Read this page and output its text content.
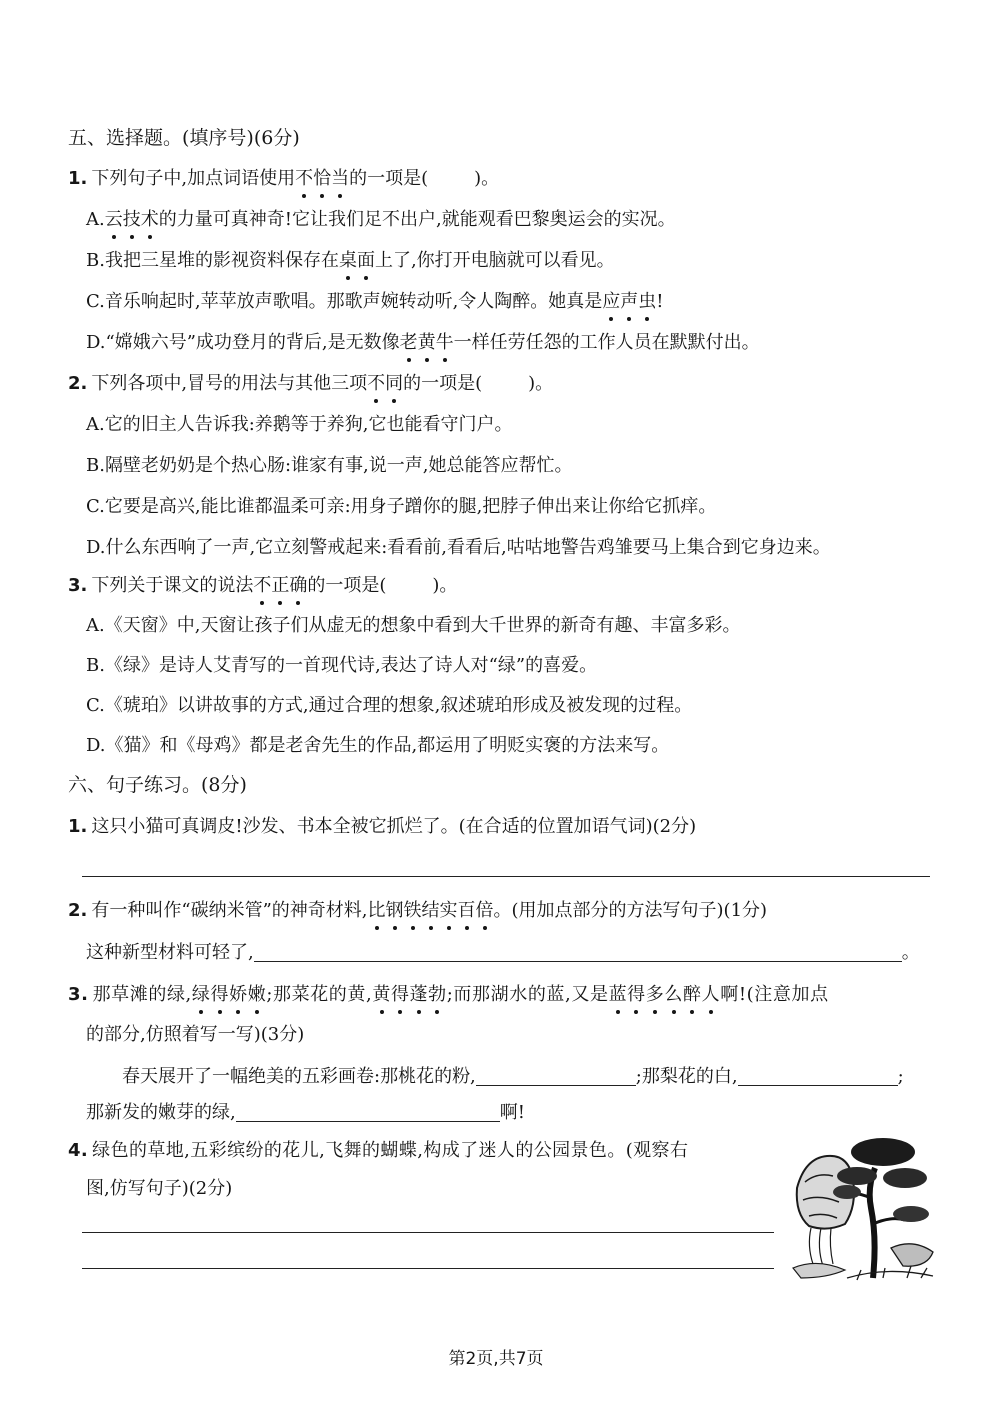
五、选择题。(填序号)(6分)
1. 下列句子中,加点词语使用不恰当的一项是(	)。
A.云技术的力量可真神奇!它让我们足不出户,就能观看巴黎奥运会的实况。
B.我把三星堆的影视资料保存在桌面上了,你打开电脑就可以看见。
C.音乐响起时,苹苹放声歌唱。那歌声婉转动听,令人陶醉。她真是应声虫!
D.“嫦娥六号”成功登月的背后,是无数像老黄牛一样任劳任怨的工作人员在默默付出。
2. 下列各项中,冒号的用法与其他三项不同的一项是(	)。
A.它的旧主人告诉我:养鹅等于养狗,它也能看守门户。
B.隔壁老奶奶是个热心肠:谁家有事,说一声,她总能答应帮忙。
C.它要是高兴,能比谁都温柔可亲:用身子蹭你的腿,把脖子伸出来让你给它抓痒。
D.什么东西响了一声,它立刻警戒起来:看看前,看看后,咕咕地警告鸡雏要马上集合到它身边来。
3. 下列关于课文的说法不正确的一项是(	)。
A.《天窗》中,天窗让孩子们从虚无的想象中看到大千世界的新奇有趣、丰富多彩。
B.《绿》是诗人艾青写的一首现代诗,表达了诗人对“绿”的喜爱。
C.《琥珀》以讲故事的方式,通过合理的想象,叙述琥珀形成及被发现的过程。
D.《猫》和《母鸡》都是老舍先生的作品,都运用了明贬实褒的方法来写。
六、句子练习。(8分)
1. 这只小猫可真调皮!沙发、书本全被它抓烂了。(在合适的位置加语气词)(2分)
2. 有一种叫作“碳纳米管”的神奇材料,比钢铁结实百倍。(用加点部分的方法写句子)(1分)
这种新型材料可轻了,	。
3. 那草滩的绿,绿得娇嫩;那菜花的黄,黄得蓬勃;而那湖水的蓝,又是蓝得多么醉人啊!(注意加点
的部分,仿照着写一写)(3分)
春天展开了一幅绝美的五彩画卷:那桃花的粉,	;那梨花的白,	;
那新发的嫩芽的绿,	啊!
4. 绿色的草地,五彩缤纷的花儿,飞舞的蝴蝶,构成了迷人的公园景色。(观察右
图,仿写句子)(2分)
第2页,共7页
